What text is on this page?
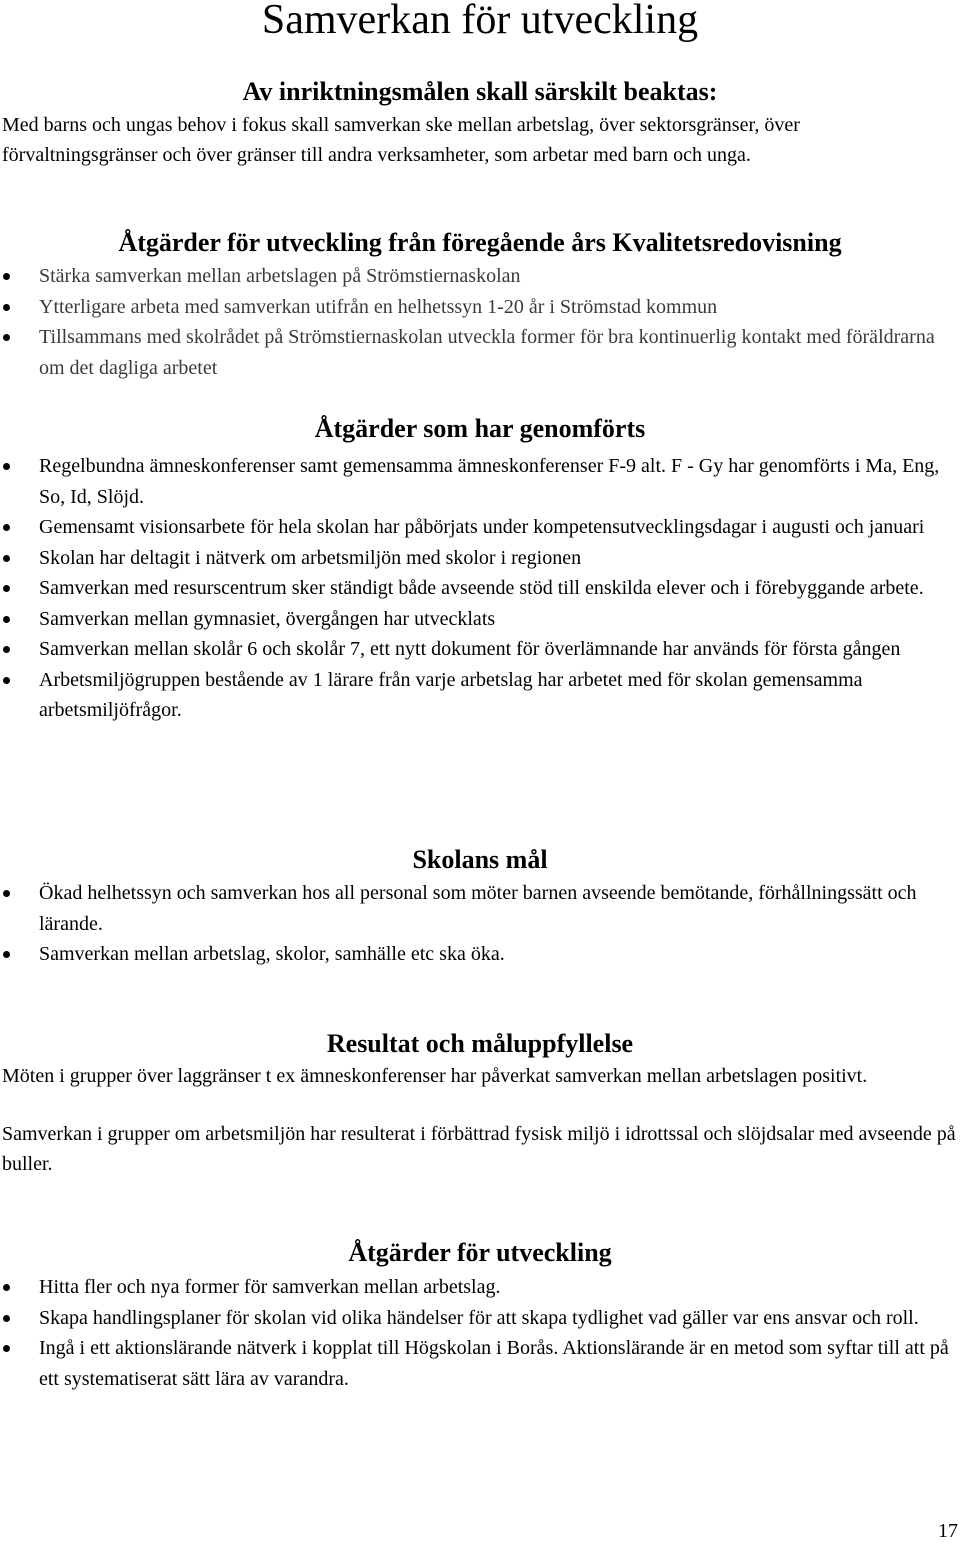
Samverkan för utveckling
Av inriktningsmålen skall särskilt beaktas:

Med barns och ungas behov i fokus skall samverkan ske mellan arbetslag, över sektorsgränser, över förvaltningsgränser och över gränser till andra verksamheter, som arbetar med barn och unga.

Åtgärder för utveckling från föregående års Kvalitetsredovisning
Stärka samverkan mellan arbetslagen på Strömstiernaskolan
Ytterligare arbeta med samverkan utifrån en helhetssyn 1-20 år i Strömstad kommun
Tillsammans med skolrådet på Strömstiernaskolan utveckla former för bra kontinuerlig kontakt med föräldrarna om det dagliga arbetet
Åtgärder som har genomförts
Regelbundna ämneskonferenser samt gemensamma ämneskonferenser F-9 alt. F - Gy har genomförts i Ma, Eng, So, Id, Slöjd.
Gemensamt visionsarbete för hela skolan har påbörjats under kompetensutvecklingsdagar i augusti och januari
Skolan har deltagit i nätverk om arbetsmiljön med skolor i regionen
Samverkan med resurscentrum sker ständigt både avseende stöd till enskilda elever och i förebyggande arbete.
Samverkan mellan gymnasiet, övergången har utvecklats
Samverkan mellan skolår 6 och skolår 7, ett nytt dokument för överlämnande har används för första gången
Arbetsmiljögruppen bestående av 1 lärare från varje arbetslag har arbetet med för skolan gemensamma arbetsmiljöfrågor.
Skolans mål
Ökad helhetssyn och samverkan hos all personal som möter barnen avseende bemötande, förhållningssätt och lärande.
Samverkan mellan arbetslag, skolor, samhälle etc ska öka.
Resultat och måluppfyllelse

Möten i grupper över laggränser t ex ämneskonferenser har påverkat samverkan mellan arbetslagen positivt.

Samverkan i grupper om arbetsmiljön har resulterat i förbättrad fysisk miljö i idrottssal och slöjdsalar med avseende på buller.

Åtgärder för utveckling
Hitta fler och nya former för samverkan mellan arbetslag.
Skapa handlingsplaner för skolan vid olika händelser för att skapa tydlighet vad gäller var ens ansvar och roll.
Ingå i ett aktionslärande nätverk i kopplat till Högskolan i Borås. Aktionslärande är en metod som syftar till att på ett systematiserat sätt lära av varandra.

17
